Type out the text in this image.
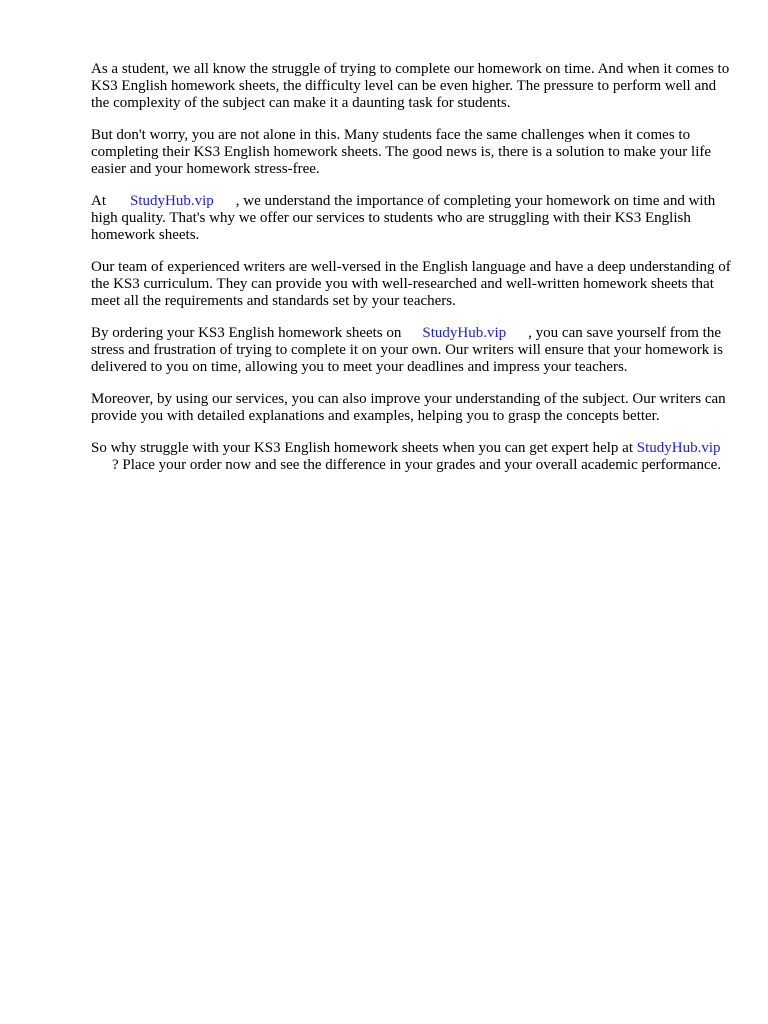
As a student, we all know the struggle of trying to complete our homework on time. And when it comes to KS3 English homework sheets, the difficulty level can be even higher. The pressure to perform well and the complexity of the subject can make it a daunting task for students.

But don't worry, you are not alone in this. Many students face the same challenges when it comes to completing their KS3 English homework sheets. The good news is, there is a solution to make your life easier and your homework stress-free.

At StudyHub.vip , we understand the importance of completing your homework on time and with high quality. That's why we offer our services to students who are struggling with their KS3 English homework sheets.

Our team of experienced writers are well-versed in the English language and have a deep understanding of the KS3 curriculum. They can provide you with well-researched and well-written homework sheets that meet all the requirements and standards set by your teachers.

By ordering your KS3 English homework sheets on StudyHub.vip , you can save yourself from the stress and frustration of trying to complete it on your own. Our writers will ensure that your homework is delivered to you on time, allowing you to meet your deadlines and impress your teachers.

Moreover, by using our services, you can also improve your understanding of the subject. Our writers can provide you with detailed explanations and examples, helping you to grasp the concepts better.

So why struggle with your KS3 English homework sheets when you can get expert help at StudyHub.vip? Place your order now and see the difference in your grades and your overall academic performance.
